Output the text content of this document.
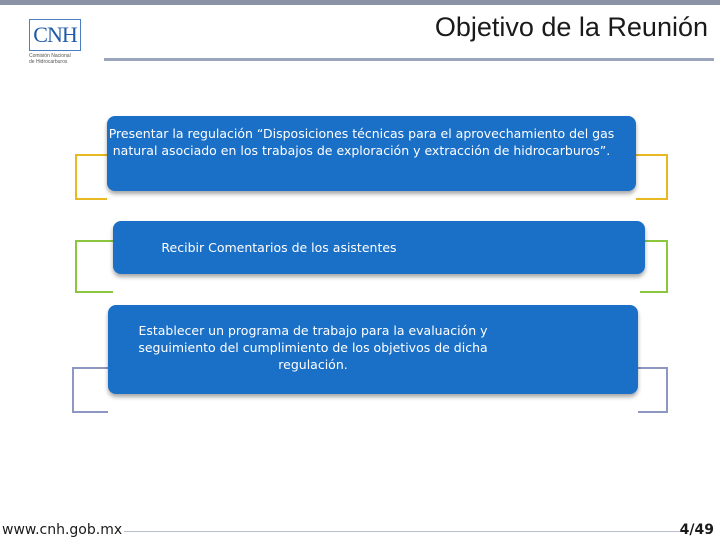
CNH
Comisión Nacional
de Hidrocarburos
Objetivo de la Reunión
Presentar la regulación “Disposiciones técnicas para el aprovechamiento del gas natural asociado en los trabajos de exploración y extracción de hidrocarburos”.
Recibir Comentarios de los asistentes
Establecer un programa de trabajo para la evaluación y seguimiento del cumplimiento de los objetivos de dicha regulación.
www.cnh.gob.mx	4/49
